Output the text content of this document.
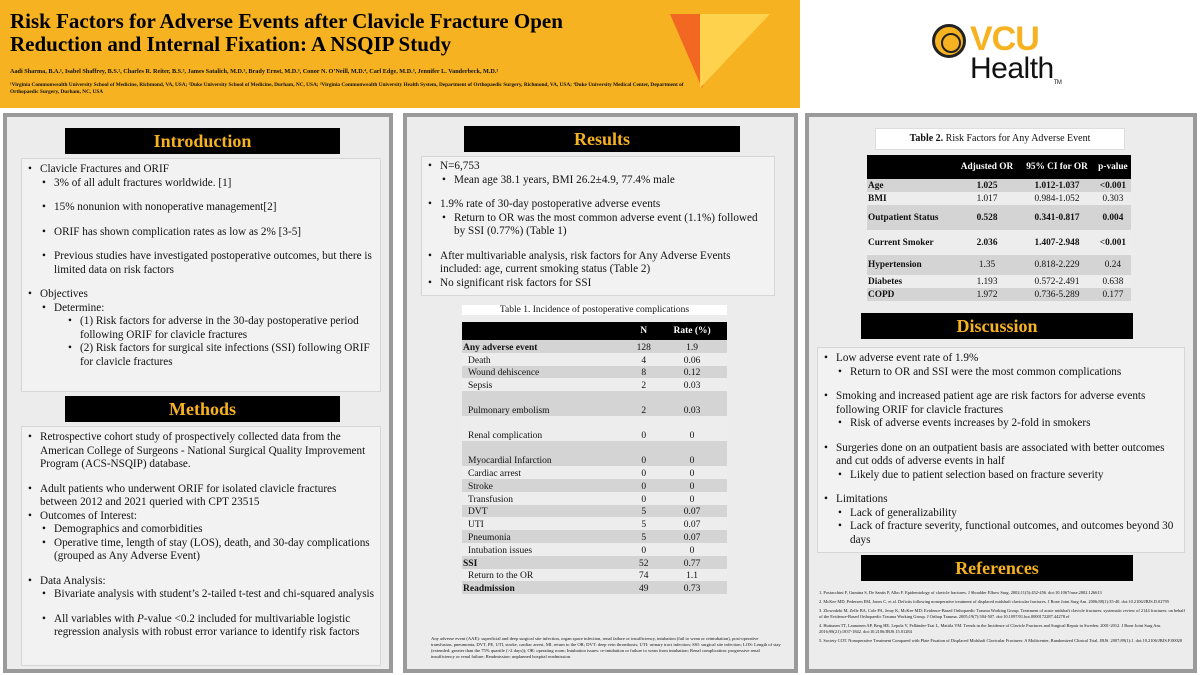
Risk Factors for Adverse Events after Clavicle Fracture Open
Reduction and Internal Fixation: A NSQIP Study
Aadi Sharma, B.A.¹, Isabel Shaffrey, B.S.², Charles R. Reiter, B.S.³, James Satalich, M.D.³, Brady Ernst, M.D.³, Conor N. O’Neill, M.D.⁴, Carl Edge, M.D.³, Jennifer L. Vanderbeck, M.D.³
¹Virginia Commonwealth University School of Medicine, Richmond, VA, USA; ²Duke University School of Medicine, Durham, NC, USA; ³Virginia Commonwealth University Health System, Department of Orthopaedic Surgery, Richmond, VA, USA; ⁴Duke University Medical Center, Department of Orthopaedic Surgery, Durham, NC, USA
VCU
HealthTM
Introduction
• Clavicle Fractures and ORIF
• 3% of all adult fractures worldwide. [1]
• 15% nonunion with nonoperative management[2]
• ORIF has shown complication rates as low as 2% [3-5]
• Previous studies have investigated postoperative outcomes, but there is limited data on risk factors
• Objectives
• Determine:
• (1) Risk factors for adverse in the 30-day postoperative period following ORIF for clavicle fractures
• (2) Risk factors for surgical site infections (SSI) following ORIF for clavicle fractures
Methods
• Retrospective cohort study of prospectively collected data from the American College of Surgeons - National Surgical Quality Improvement Program (ACS-NSQIP) database.
• Adult patients who underwent ORIF for isolated clavicle fractures between 2012 and 2021 queried with CPT 23515
• Outcomes of Interest:
• Demographics and comorbidities
• Operative time, length of stay (LOS), death, and 30-day complications (grouped as Any Adverse Event)
• Data Analysis:
• Bivariate analysis with student’s 2-tailed t-test and chi-squared analysis
• All variables with P-value <0.2 included for multivariable logistic regression analysis with robust error variance to identify risk factors
Results
• N=6,753
• Mean age 38.1 years, BMI 26.2±4.9, 77.4% male
• 1.9% rate of 30-day postoperative adverse events
• Return to OR was the most common adverse event (1.1%) followed by SSI (0.77%) (Table 1)
• After multivariable analysis, risk factors for Any Adverse Events included: age, current smoking status (Table 2)
• No significant risk factors for SSI
Table 1. Incidence of postoperative complications
	N	Rate (%)
Any adverse event	128	1.9
Death	4	0.06
Wound dehiscence	8	0.12
Sepsis	2	0.03
Pulmonary embolism	2	0.03
Renal complication	0	0
Myocardial Infarction	0	0
Cardiac arrest	0	0
Stroke	0	0
Transfusion	0	0
DVT	5	0.07
UTI	5	0.07
Pneumonia	5	0.07
Intubation issues	0	0
SSI	52	0.77
Return to the OR	74	1.1
Readmission	49	0.73
Any adverse event (AAE): superficial and deep surgical site infection, organ space infection, renal failure or insufficiency, intubation (fail to wean or reintubation), post-operative transfusion, pneumonia, DVT, PE, UTI, stroke, cardiac arrest, MI, return to the OR; DVT: deep vein thrombosis; UTI: urinary tract infection; SSI: surgical site infection; LOS: Length of stay (extended: greater than the 75% quartile (>2 days)); OR: operating room; Intubation issues: re-intubation or failure to wean from intubation; Renal complication: progressive renal insufficiency or renal failure; Readmission: unplanned hospital readmission.
Table 2. Risk Factors for Any Adverse Event
	Adjusted OR	95% CI for OR	p-value
Age	1.025	1.012-1.037	<0.001
BMI	1.017	0.984-1.052	0.303
Outpatient Status	0.528	0.341-0.817	0.004
Current Smoker	2.036	1.407-2.948	<0.001
Hypertension	1.35	0.818-2.229	0.24
Diabetes	1.193	0.572-2.491	0.638
COPD	1.972	0.736-5.289	0.177
Discussion
• Low adverse event rate of 1.9%
• Return to OR and SSI were the most common complications
• Smoking and increased patient age are risk factors for adverse events following ORIF for clavicle fractures
• Risk of adverse events increases by 2-fold in smokers
• Surgeries done on an outpatient basis are associated with better outcomes and cut odds of adverse events in half
• Likely due to patient selection based on fracture severity
• Limitations
• Lack of generalizability
• Lack of fracture severity, functional outcomes, and outcomes beyond 30 days
References

1. Postacchini F, Gumina S, De Santis P, Albo F. Epidemiology of clavicle fractures. J Shoulder Elbow Surg. 2002;11(5):452-456. doi:10.1067/mse.2002.126613

2. McKee MD, Pedersen EM, Jones C, et al. Deficits following nonoperative treatment of displaced midshaft clavicular fractures. J Bone Joint Surg Am. 2006;88(1):35-40. doi:10.2106/JBJS.D.02795

3. Zlowodzki M, Zelle BA, Cole PA, Jeray K, McKee MD; Evidence-Based Orthopaedic Trauma Working Group. Treatment of acute midshaft clavicle fractures: systematic review of 2144 fractures: on behalf of the Evidence-Based Orthopaedic Trauma Working Group. J Orthop Trauma. 2005;19(7):504-507. doi:10.1097/01.bot.0000172287.44278.ef

4. Huttunen TT, Launonen AP, Berg HE, Lepola V, Felländer-Tsai L, Mattila VM. Trends in the Incidence of Clavicle Fractures and Surgical Repair in Sweden: 2001-2012. J Bone Joint Surg Am. 2016;98(21):1837-1842. doi:10.2106/JBJS.15.01284

5. Society COT. Nonoperative Treatment Compared with Plate Fixation of Displaced Midshaft Clavicular Fractures: A Multicenter, Randomized Clinical Trial. JBJS. 2007;89(1):1. doi:10.2106/JBJS.F.00020
